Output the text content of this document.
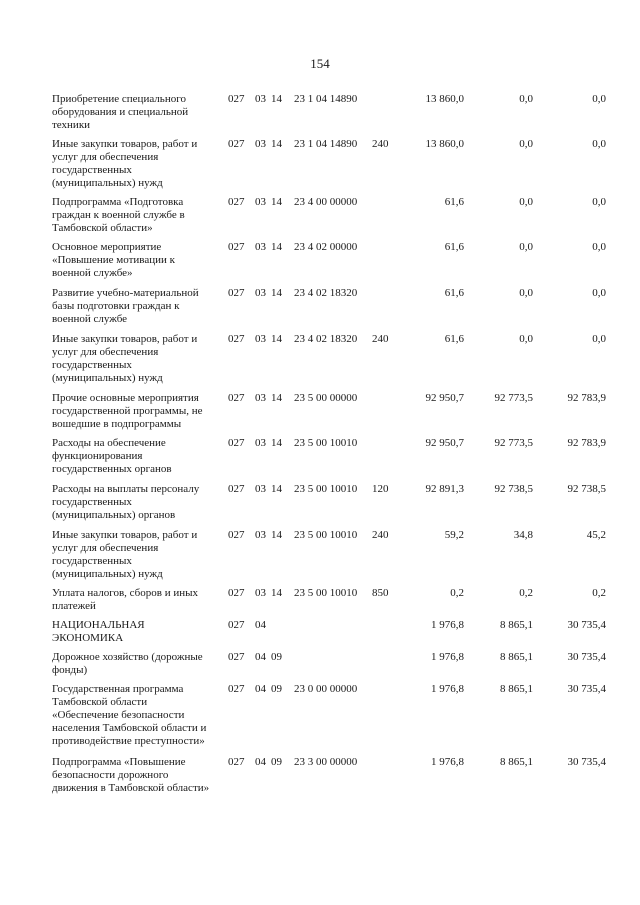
154
Приобретение специального
оборудования и специальной
техники
027 03 14 23 1 04 14890	13 860,0	0,0	0,0
Иные закупки товаров, работ и
услуг для обеспечения
государственных
(муниципальных) нужд
027 03 14 23 1 04 14890 240	13 860,0	0,0	0,0
Подпрограмма «Подготовка
граждан к военной службе в
Тамбовской области»
027 03 14 23 4 00 00000	61,6	0,0	0,0
Основное мероприятие
«Повышение мотивации к
военной службе»
027 03 14 23 4 02 00000	61,6	0,0	0,0
Развитие учебно-материальной
базы подготовки граждан к
военной службе
027 03 14 23 4 02 18320	61,6	0,0	0,0
Иные закупки товаров, работ и
услуг для обеспечения
государственных
(муниципальных) нужд
027 03 14 23 4 02 18320 240	61,6	0,0	0,0
Прочие основные мероприятия
государственной программы, не
вошедшие в подпрограммы
027 03 14 23 5 00 00000	92 950,7	92 773,5	92 783,9
Расходы на обеспечение
функционирования
государственных органов
027 03 14 23 5 00 10010	92 950,7	92 773,5	92 783,9
Расходы на выплаты персоналу
государственных
(муниципальных) органов
027 03 14 23 5 00 10010 120	92 891,3	92 738,5	92 738,5
Иные закупки товаров, работ и
услуг для обеспечения
государственных
(муниципальных) нужд
027 03 14 23 5 00 10010 240	59,2	34,8	45,2
Уплата налогов, сборов и иных
платежей
027 03 14 23 5 00 10010 850	0,2	0,2	0,2
НАЦИОНАЛЬНАЯ
ЭКОНОМИКА
027 04	1 976,8	8 865,1	30 735,4
Дорожное хозяйство (дорожные
фонды)
027 04 09	1 976,8	8 865,1	30 735,4
Государственная программа
Тамбовской области
«Обеспечение безопасности
населения Тамбовской области и
противодействие преступности»
027 04 09 23 0 00 00000	1 976,8	8 865,1	30 735,4
Подпрограмма «Повышение
безопасности дорожного
движения в Тамбовской области»
027 04 09 23 3 00 00000	1 976,8	8 865,1	30 735,4
